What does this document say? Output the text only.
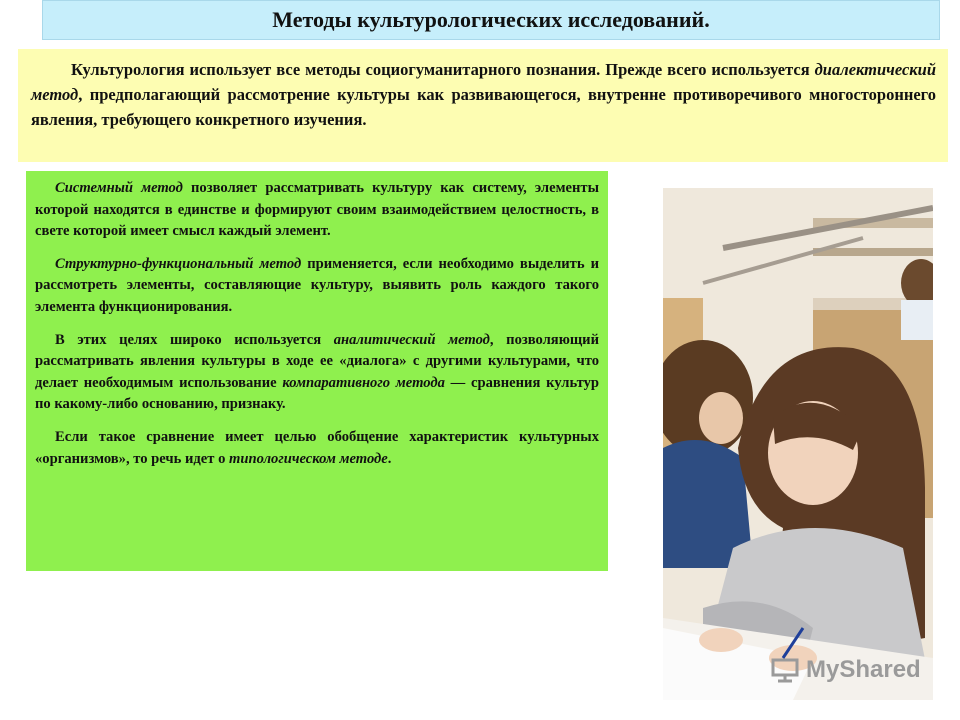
Методы культурологических исследований.

Культурология использует все методы социогуманитарного познания. Прежде всего используется диалектический метод, предполагающий рассмотрение культуры как развивающегося, внутренне противоречивого многостороннего явления, требующего конкретного изучения.

Системный метод позволяет рассматривать культуру как систему, элементы которой находятся в единстве и формируют своим взаимодействием целостность, в свете которой имеет смысл каждый элемент.

Структурно-функциональный метод применяется, если необходимо выделить и рассмотреть элементы, составляющие культуру, выявить роль каждого такого элемента функционирования.

В этих целях широко используется аналитический метод, позволяющий рассматривать явления культуры в ходе ее «диалога» с другими культурами, что делает необходимым использование компаративного метода — сравнения культур по какому-либо основанию, признаку.

Если такое сравнение имеет целью обобщение характеристик культурных «организмов», то речь идет о типологическом методе.

MyShared
